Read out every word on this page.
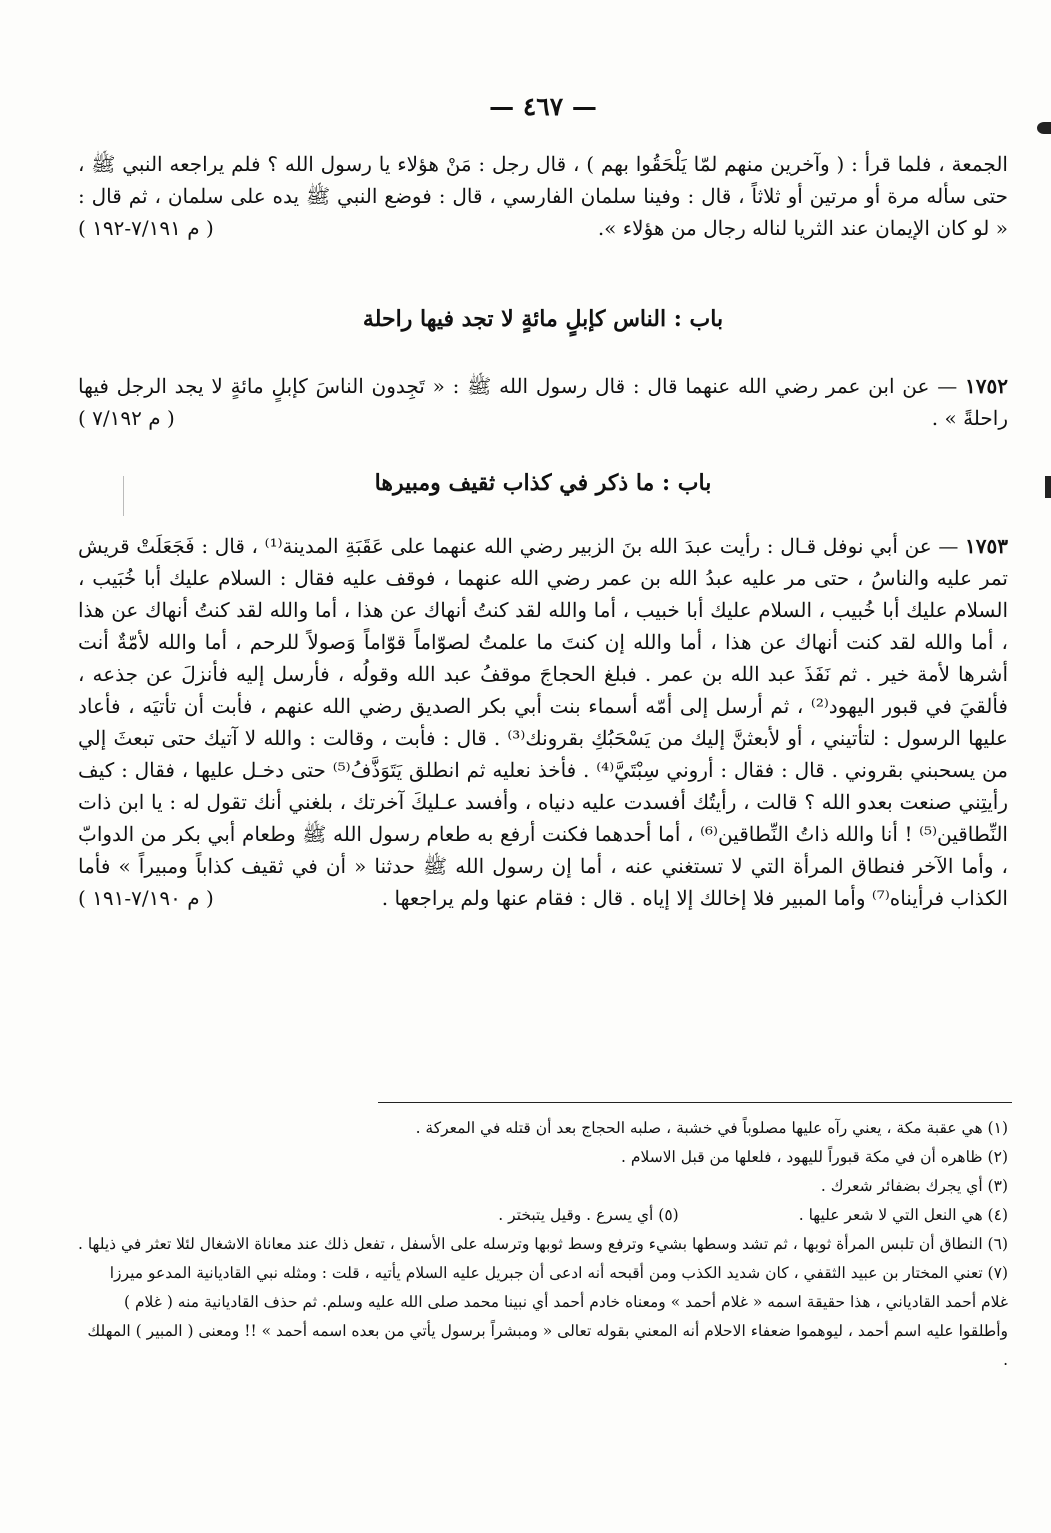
— ٤٦٧ —
الجمعة ، فلما قرأ : ( وآخرين منهم لمّا يَلْحَقُوا بهم ) ، قال رجل : مَنْ هؤلاء يا رسول الله ؟ فلم يراجعه النبي ﷺ ، حتى سأله مرة أو مرتين أو ثلاثاً ، قال : وفينا سلمان الفارسي ، قال : فوضع النبي ﷺ يده على سلمان ، ثم قال : « لو كان الإيمان عند الثريا لناله رجال من هؤلاء ».
( م ٧/١٩١-١٩٢ )
باب : الناس كإبلٍ مائةٍ لا تجد فيها راحلة
١٧٥٢ — عن ابن عمر رضي الله عنهما قال : قال رسول الله ﷺ : « تَجِدون الناسَ كإبلٍ مائةٍ لا يجد الرجل فيها راحلةً » .
( م ٧/١٩٢ )
باب : ما ذكر في كذاب ثقيف ومبيرها
١٧٥٣ — عن أبي نوفل قـال : رأيت عبدَ الله بنَ الزبير رضي الله عنهما على عَقَبَةِ المدينة⁽¹⁾ ، قال : فَجَعَلَتْ قريش تمر عليه والناسُ ، حتى مر عليه عبدُ الله بن عمر رضي الله عنهما ، فوقف عليه فقال : السلام عليك أبا خُبَيب ، السلام عليك أبا خُبيب ، السلام عليك أبا خبيب ، أما والله لقد كنتُ أنهاك عن هذا ، أما والله لقد كنتُ أنهاك عن هذا ، أما والله لقد كنت أنهاك عن هذا ، أما والله إن كنتَ ما علمتُ لصوّاماً قوّاماً وَصولاً للرحم ، أما والله لأمّةٌ أنت أشرها لأمة خير . ثم نَفَذَ عبد الله بن عمر . فبلغ الحجاجَ موقفُ عبد الله وقولُه ، فأرسل إليه فأنزلَ عن جذعه ، فألقيَ في قبور اليهود⁽²⁾ ، ثم أرسل إلى أمّه أسماء بنت أبي بكر الصديق رضي الله عنهم ، فأبت أن تأتيَه ، فأعاد عليها الرسول : لتأتيني ، أو لأبعثنَّ إليك من يَسْحَبُكِ بقرونك⁽³⁾ . قال : فأبت ، وقالت : والله لا آتيك حتى تبعثَ إلي من يسحبني بقروني . قال : فقال : أروني سِبْتَيَّ⁽⁴⁾ . فأخذ نعليه ثم انطلق يَتَوَذَّفُ⁽⁵⁾ حتى دخـل عليها ، فقال : كيف رأيتِني صنعت بعدو الله ؟ قالت ، رأيتُك أفسدت عليه دنياه ، وأفسد عـليكَ آخرتك ، بلغني أنك تقول له : يا ابن ذات النِّطاقين⁽⁵⁾ ! أنا والله ذاتُ النِّطاقين⁽⁶⁾ ، أما أحدهما فكنت أرفع به طعام رسول الله ﷺ وطعام أبي بكر من الدوابّ ، وأما الآخر فنطاق المرأة التي لا تستغني عنه ، أما إن رسول الله ﷺ حدثنا « أن في ثقيف كذاباً ومبيراً » فأما الكذاب فرأيناه⁽⁷⁾ وأما المبير فلا إخالك إلا إياه . قال : فقام عنها ولم يراجعها .
( م ٧/١٩٠-١٩١ )
(١) هي عقبة مكة ، يعني رآه عليها مصلوباً في خشبة ، صلبه الحجاج بعد أن قتله في المعركة .
(٢) ظاهره أن في مكة قبوراً لليهود ، فلعلها من قبل الاسلام .
(٣) أي يجرك بضفائر شعرك .
(٤) هي النعل التي لا شعر عليها .(٥) أي يسرع . وقيل يتبختر .
(٦) النطاق أن تلبس المرأة ثوبها ، ثم تشد وسطها بشيء وترفع وسط ثوبها وترسله على الأسفل ، تفعل ذلك عند معاناة الاشغال لئلا تعثر في ذيلها .
(٧) تعني المختار بن عبيد الثقفي ، كان شديد الكذب ومن أقبحه أنه ادعى أن جبريل عليه السلام يأتيه ، قلت : ومثله نبي القاديانية المدعو ميرزا غلام أحمد القادياني ، هذا حقيقة اسمه « غلام أحمد » ومعناه خادم أحمد أي نبينا محمد صلى الله عليه وسلم. ثم حذف القاديانية منه ( غلام ) وأطلقوا عليه اسم أحمد ، ليوهموا ضعفاء الاحلام أنه المعني بقوله تعالى « ومبشراً برسول يأتي من بعده اسمه أحمد » !! ومعنى ( المبير ) المهلك .
